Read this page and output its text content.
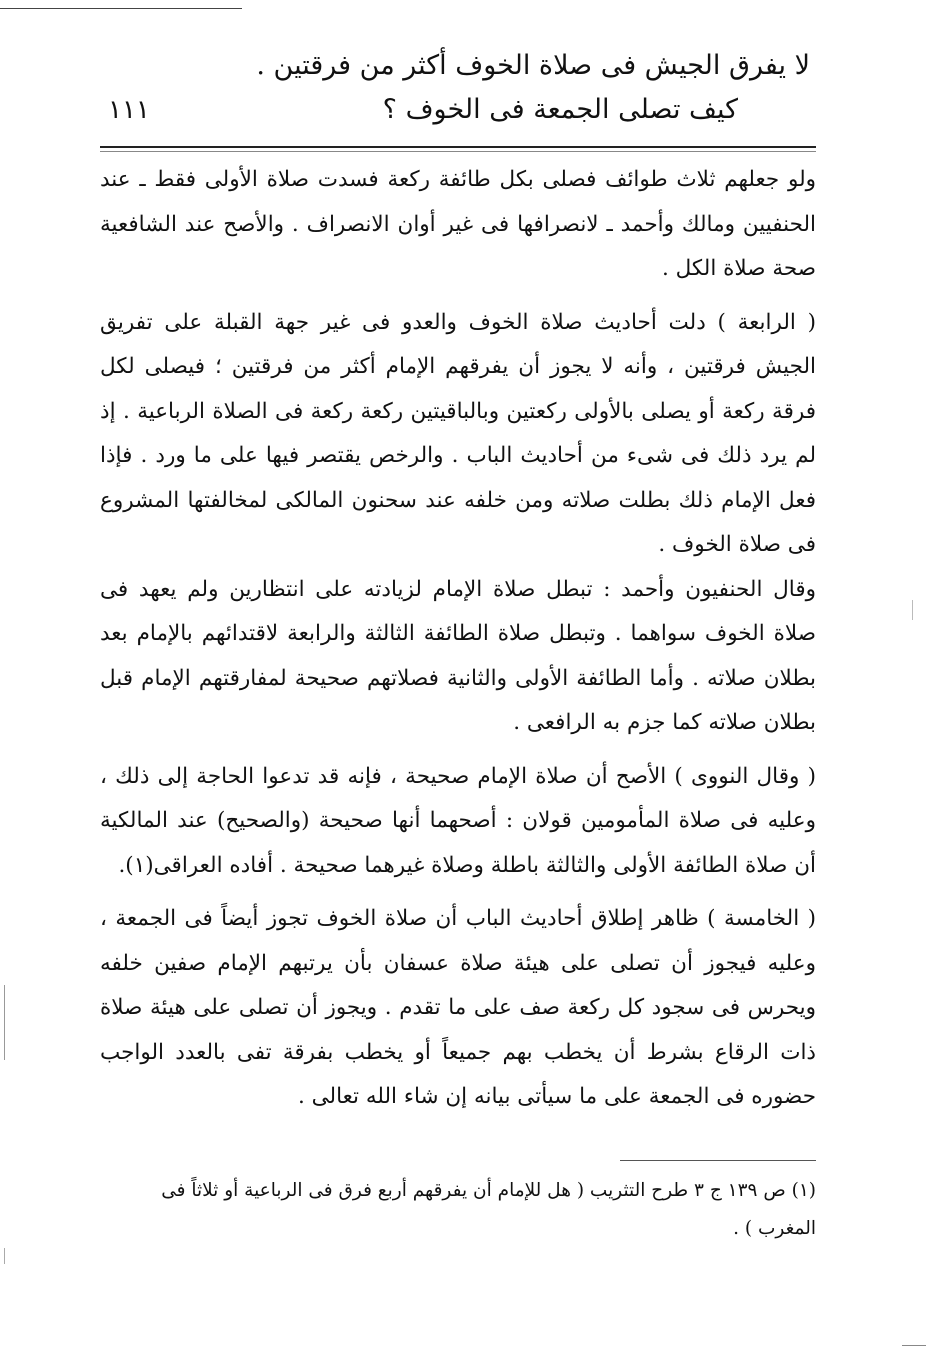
لا يفرق الجيش فى صلاة الخوف أكثر من فرقتين .
كيف تصلى الجمعة فى الخوف ؟
١١١

ولو جعلهم ثلاث طوائف فصلى بكل طائفة ركعة فسدت صلاة الأولى فقط ـ عند الحنفيين ومالك وأحمد ـ لانصرافها فى غير أوان الانصراف . والأصح عند الشافعية صحة صلاة الكل .

( الرابعة ) دلت أحاديث صلاة الخوف والعدو فى غير جهة القبلة على تفريق الجيش فرقتين ، وأنه لا يجوز أن يفرقهم الإمام أكثر من فرقتين ؛ فيصلى لكل فرقة ركعة أو يصلى بالأولى ركعتين وبالباقيتين ركعة ركعة فى الصلاة الرباعية . إذ لم يرد ذلك فى شىء من أحاديث الباب . والرخص يقتصر فيها على ما ورد . فإذا فعل الإمام ذلك بطلت صلاته ومن خلفه عند سحنون المالكى لمخالفتها المشروع فى صلاة الخوف .

وقال الحنفيون وأحمد : تبطل صلاة الإمام لزيادته على انتظارين ولم يعهد فى صلاة الخوف سواهما . وتبطل صلاة الطائفة الثالثة والرابعة لاقتدائهم بالإمام بعد بطلان صلاته . وأما الطائفة الأولى والثانية فصلاتهم صحيحة لمفارقتهم الإمام قبل بطلان صلاته كما جزم به الرافعى .

( وقال النووى ) الأصح أن صلاة الإمام صحيحة ، فإنه قد تدعوا الحاجة إلى ذلك ، وعليه فى صلاة المأمومين قولان : أصحهما أنها صحيحة (والصحيح) عند المالكية أن صلاة الطائفة الأولى والثالثة باطلة وصلاة غيرهما صحيحة . أفاده العراقى(١).

( الخامسة ) ظاهر إطلاق أحاديث الباب أن صلاة الخوف تجوز أيضاً فى الجمعة ، وعليه فيجوز أن تصلى على هيئة صلاة عسفان بأن يرتبهم الإمام صفين خلفه ويحرس فى سجود كل ركعة صف على ما تقدم . ويجوز أن تصلى على هيئة صلاة ذات الرقاع بشرط أن يخطب بهم جميعاً أو يخطب بفرقة تفى بالعدد الواجب حضوره فى الجمعة على ما سيأتى بيانه إن شاء الله تعالى .

(١) ص ١٣٩ ج ٣ طرح التثريب ( هل للإمام أن يفرقهم أربع فرق فى الرباعية أو ثلاثاً فى المغرب ) .
